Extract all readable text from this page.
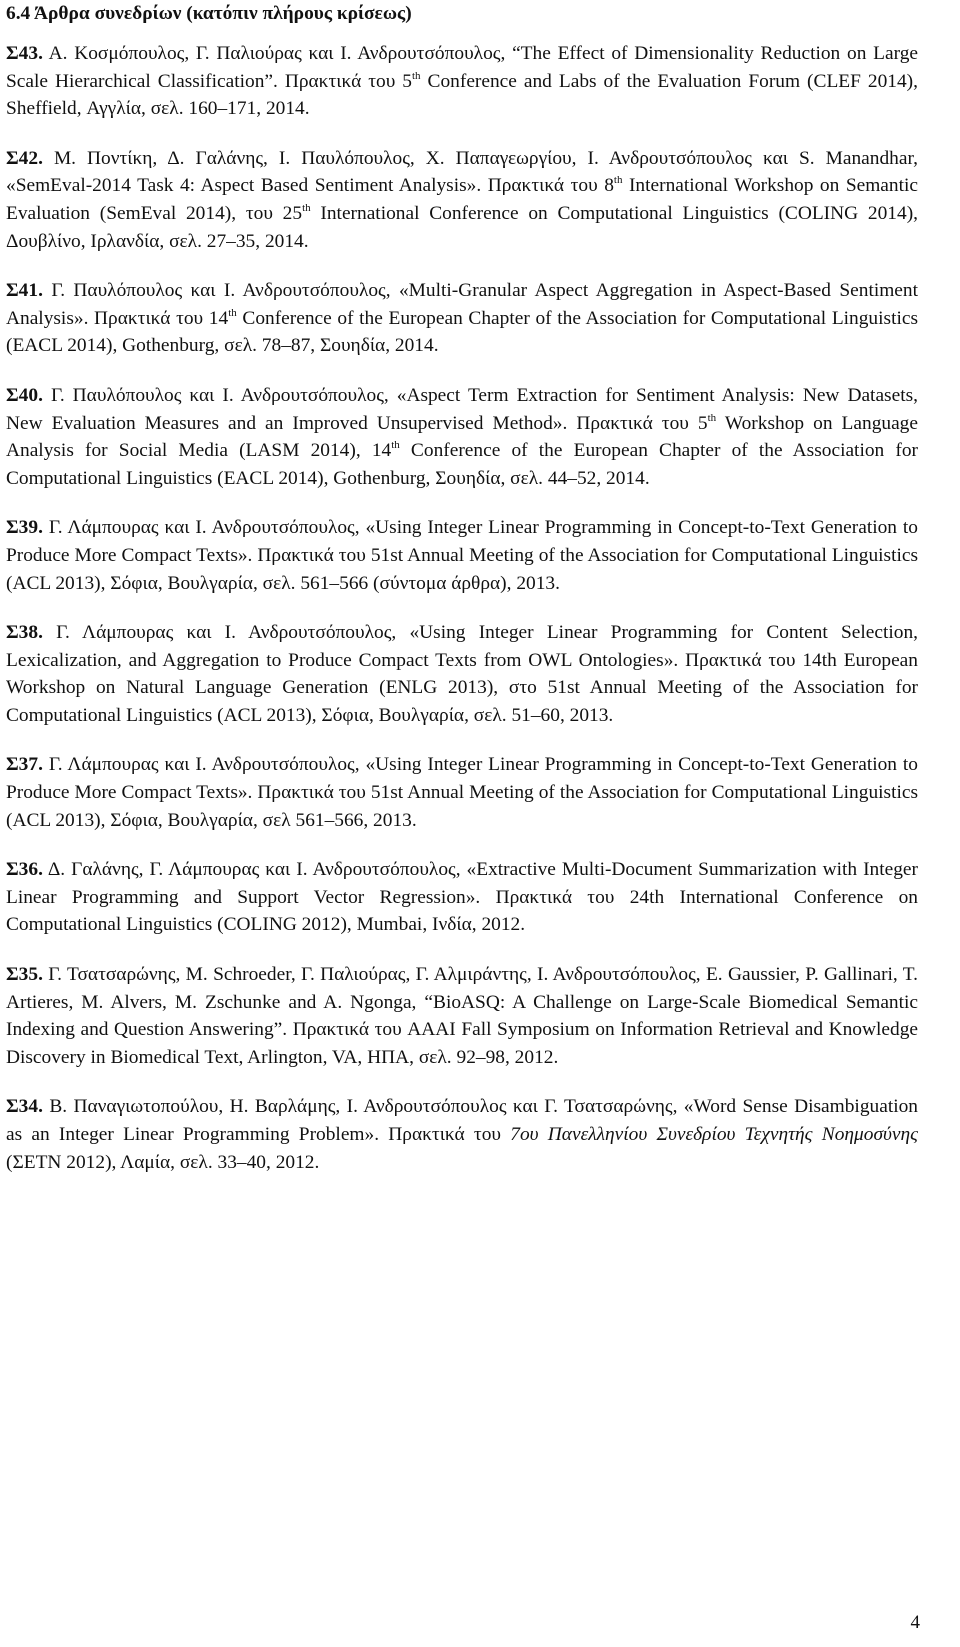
6.4 Άρθρα συνεδρίων (κατόπιν πλήρους κρίσεως)

Σ43. Α. Κοσμόπουλος, Γ. Παλιούρας και Ι. Ανδρουτσόπουλος, “The Effect of Dimensionality Reduction on Large Scale Hierarchical Classification”. Πρακτικά του 5th Conference and Labs of the Evaluation Forum (CLEF 2014), Sheffield, Αγγλία, σελ. 160–171, 2014.

Σ42. Μ. Ποντίκη, Δ. Γαλάνης, Ι. Παυλόπουλος, Χ. Παπαγεωργίου, Ι. Ανδρουτσόπουλος και S. Manandhar, «SemEval-2014 Task 4: Aspect Based Sentiment Analysis». Πρακτικά του 8th International Workshop on Semantic Evaluation (SemEval 2014), του 25th International Conference on Computational Linguistics (COLING 2014), Δουβλίνο, Ιρλανδία, σελ. 27–35, 2014.

Σ41. Γ. Παυλόπουλος και Ι. Ανδρουτσόπουλος, «Multi-Granular Aspect Aggregation in Aspect-Based Sentiment Analysis». Πρακτικά του 14th Conference of the European Chapter of the Association for Computational Linguistics (EACL 2014), Gothenburg, σελ. 78–87, Σουηδία, 2014.

Σ40. Γ. Παυλόπουλος και Ι. Ανδρουτσόπουλος, «Aspect Term Extraction for Sentiment Analysis: New Datasets, New Evaluation Measures and an Improved Unsupervised Method». Πρακτικά του 5th Workshop on Language Analysis for Social Media (LASM 2014), 14th Conference of the European Chapter of the Association for Computational Linguistics (EACL 2014), Gothenburg, Σουηδία, σελ. 44–52, 2014.

Σ39. Γ. Λάμπουρας και Ι. Ανδρουτσόπουλος, «Using Integer Linear Programming in Concept-to-Text Generation to Produce More Compact Texts». Πρακτικά του 51st Annual Meeting of the Association for Computational Linguistics (ACL 2013), Σόφια, Βουλγαρία, σελ. 561–566 (σύντομα άρθρα), 2013.

Σ38. Γ. Λάμπουρας και Ι. Ανδρουτσόπουλος, «Using Integer Linear Programming for Content Selection, Lexicalization, and Aggregation to Produce Compact Texts from OWL Ontologies». Πρακτικά του 14th European Workshop on Natural Language Generation (ENLG 2013), στο 51st Annual Meeting of the Association for Computational Linguistics (ACL 2013), Σόφια, Βουλγαρία, σελ. 51–60, 2013.

Σ37. Γ. Λάμπουρας και Ι. Ανδρουτσόπουλος, «Using Integer Linear Programming in Concept-to-Text Generation to Produce More Compact Texts». Πρακτικά του 51st Annual Meeting of the Association for Computational Linguistics (ACL 2013), Σόφια, Βουλγαρία, σελ 561–566, 2013.

Σ36. Δ. Γαλάνης, Γ. Λάμπουρας και Ι. Ανδρουτσόπουλος, «Extractive Multi-Document Summarization with Integer Linear Programming and Support Vector Regression». Πρακτικά του 24th International Conference on Computational Linguistics (COLING 2012), Mumbai, Ινδία, 2012.

Σ35. Γ. Τσατσαρώνης, M. Schroeder, Γ. Παλιούρας, Γ. Αλμιράντης, Ι. Ανδρουτσόπουλος, E. Gaussier, P. Gallinari, T. Artieres, M. Alvers, M. Zschunke and A. Ngonga, “BioASQ: A Challenge on Large-Scale Biomedical Semantic Indexing and Question Answering”. Πρακτικά του AAAI Fall Symposium on Information Retrieval and Knowledge Discovery in Biomedical Text, Arlington, VA, ΗΠΑ, σελ. 92–98, 2012.

Σ34. Β. Παναγιωτοπούλου, Η. Βαρλάμης, Ι. Ανδρουτσόπουλος και Γ. Τσατσαρώνης, «Word Sense Disambiguation as an Integer Linear Programming Problem». Πρακτικά του 7ου Πανελληνίου Συνεδρίου Τεχνητής Νοημοσύνης (ΣΕΤΝ 2012), Λαμία, σελ. 33–40, 2012.

4
